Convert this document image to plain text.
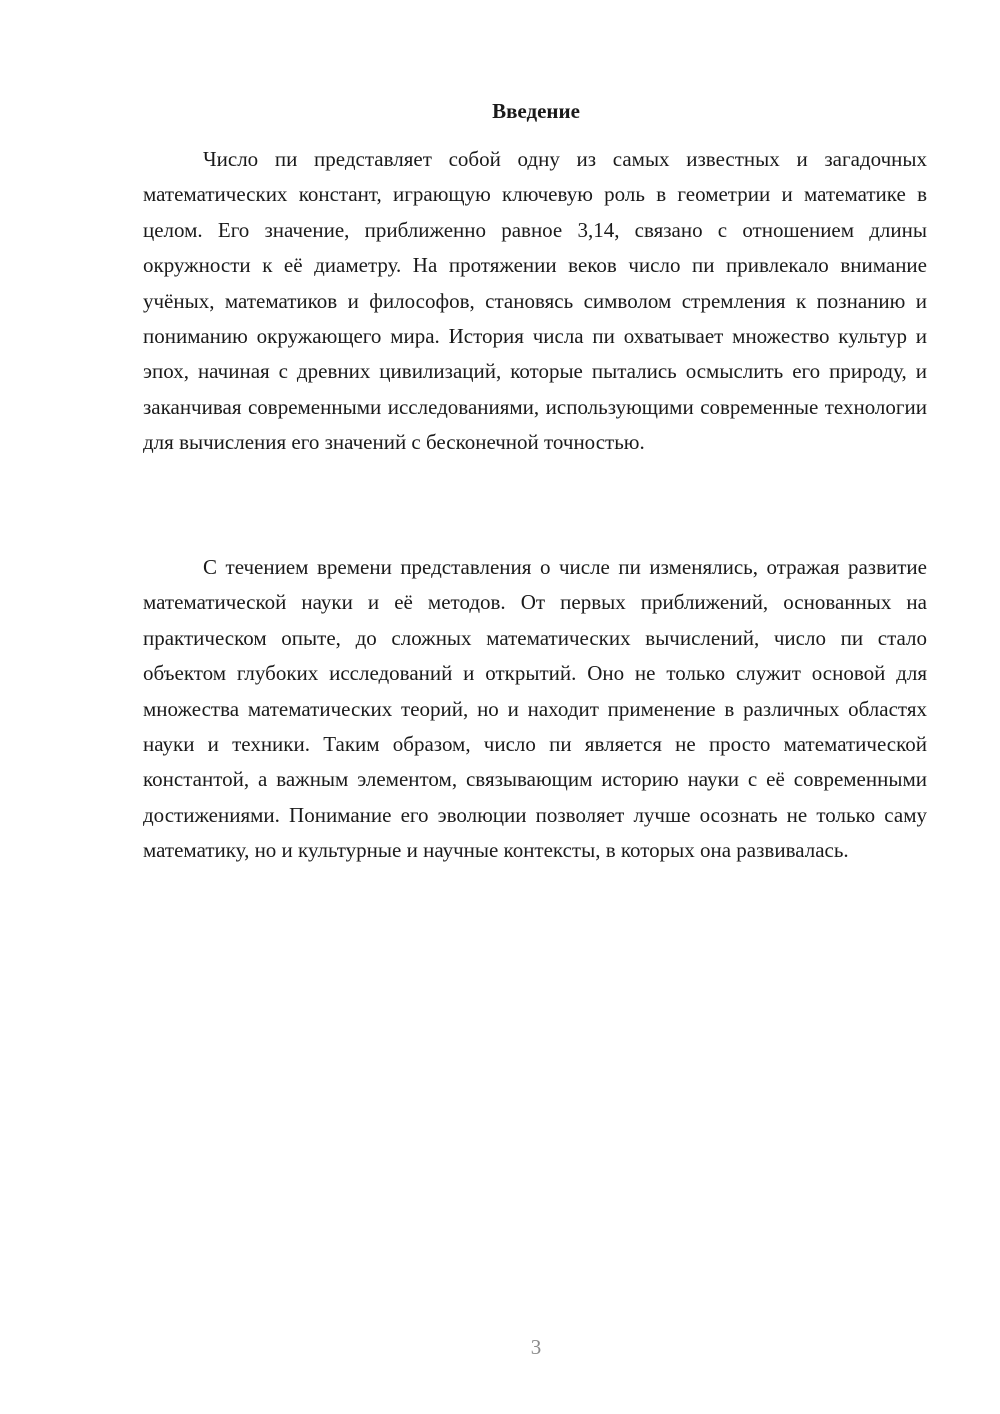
Введение

Число пи представляет собой одну из самых известных и загадочных математических констант, играющую ключевую роль в геометрии и математике в целом. Его значение, приближенно равное 3,14, связано с отношением длины окружности к её диаметру. На протяжении веков число пи привлекало внимание учёных, математиков и философов, становясь символом стремления к познанию и пониманию окружающего мира. История числа пи охватывает множество культур и эпох, начиная с древних цивилизаций, которые пытались осмыслить его природу, и заканчивая современными исследованиями, использующими современные технологии для вычисления его значений с бесконечной точностью.

С течением времени представления о числе пи изменялись, отражая развитие математической науки и её методов. От первых приближений, основанных на практическом опыте, до сложных математических вычислений, число пи стало объектом глубоких исследований и открытий. Оно не только служит основой для множества математических теорий, но и находит применение в различных областях науки и техники. Таким образом, число пи является не просто математической константой, а важным элементом, связывающим историю науки с её современными достижениями. Понимание его эволюции позволяет лучше осознать не только саму математику, но и культурные и научные контексты, в которых она развивалась.

3
